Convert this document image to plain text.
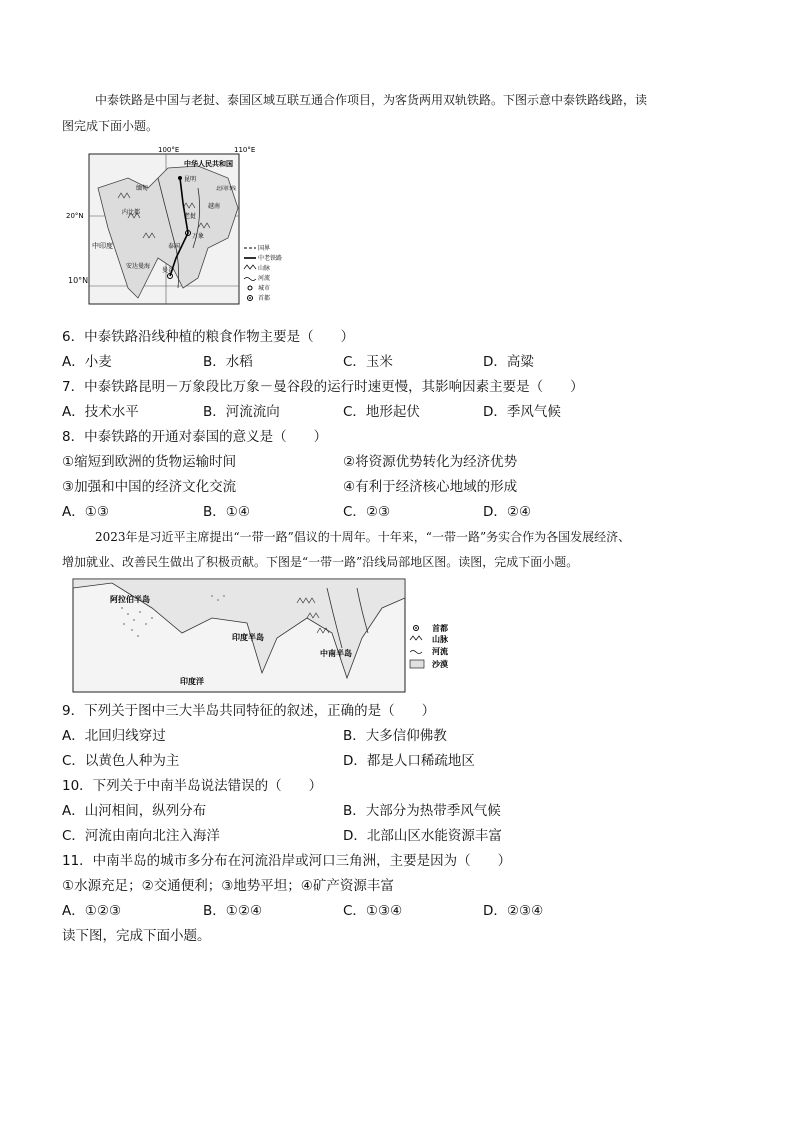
中泰铁路是中国与老挝、泰国区域互联互通合作项目，为客货两用双轨铁路。下图示意中泰铁路线路，读
图完成下面小题。
100°E	110°E
20°N
中华人民共和国
昆明
北回归线
越南
内比都
老挝
万象
泰国
曼谷
中印度
安达曼海
缅甸
国界
中老铁路
山脉
河流
城市
首都
10°N
6．中泰铁路沿线种植的粮食作物主要是（　　）
A．小麦	B．水稻	C．玉米	D．高粱
7．中泰铁路昆明－万象段比万象－曼谷段的运行时速更慢，其影响因素主要是（　　）
A．技术水平	B．河流流向	C．地形起伏	D．季风气候
8．中泰铁路的开通对泰国的意义是（　　）
①缩短到欧洲的货物运输时间	②将资源优势转化为经济优势
③加强和中国的经济文化交流	④有利于经济核心地域的形成
A．①③	B．①④	C．②③	D．②④
2023年是习近平主席提出“一带一路”倡议的十周年。十年来，“一带一路”务实合作为各国发展经济、
增加就业、改善民生做出了积极贡献。下图是“一带一路”沿线局部地区图。读图，完成下面小题。
阿拉伯半岛
印度半岛
中南半岛
印度洋
首都
山脉
河流
沙漠
9．下列关于图中三大半岛共同特征的叙述，正确的是（　　）
A．北回归线穿过	B．大多信仰佛教
C．以黄色人种为主	D．都是人口稀疏地区
10．下列关于中南半岛说法错误的（　　）
A．山河相间，纵列分布	B．大部分为热带季风气候
C．河流由南向北注入海洋	D．北部山区水能资源丰富
11．中南半岛的城市多分布在河流沿岸或河口三角洲，主要是因为（　　）
①水源充足；②交通便利；③地势平坦；④矿产资源丰富
A．①②③	B．①②④	C．①③④	D．②③④
读下图，完成下面小题。
